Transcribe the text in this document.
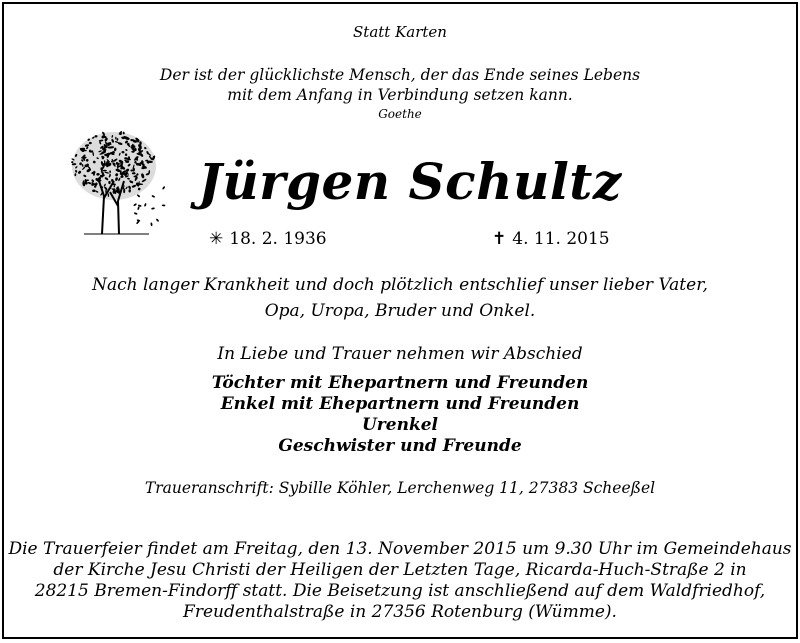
Statt Karten
Der ist der glücklichste Mensch, der das Ende seines Lebens
mit dem Anfang in Verbindung setzen kann.
Goethe
Jürgen Schultz
✳ 18. 2. 1936	✝ 4. 11. 2015
Nach langer Krankheit und doch plötzlich entschlief unser lieber Vater,
Opa, Uropa, Bruder und Onkel.
In Liebe und Trauer nehmen wir Abschied
Töchter mit Ehepartnern und Freunden
Enkel mit Ehepartnern und Freunden
Urenkel
Geschwister und Freunde
Traueranschrift: Sybille Köhler, Lerchenweg 11, 27383 Scheeßel
Die Trauerfeier findet am Freitag, den 13. November 2015 um 9.30 Uhr im Gemeindehaus
der Kirche Jesu Christi der Heiligen der Letzten Tage, Ricarda-Huch-Straße 2 in
28215 Bremen-Findorff statt. Die Beisetzung ist anschließend auf dem Waldfriedhof,
Freudenthalstraße in 27356 Rotenburg (Wümme).
